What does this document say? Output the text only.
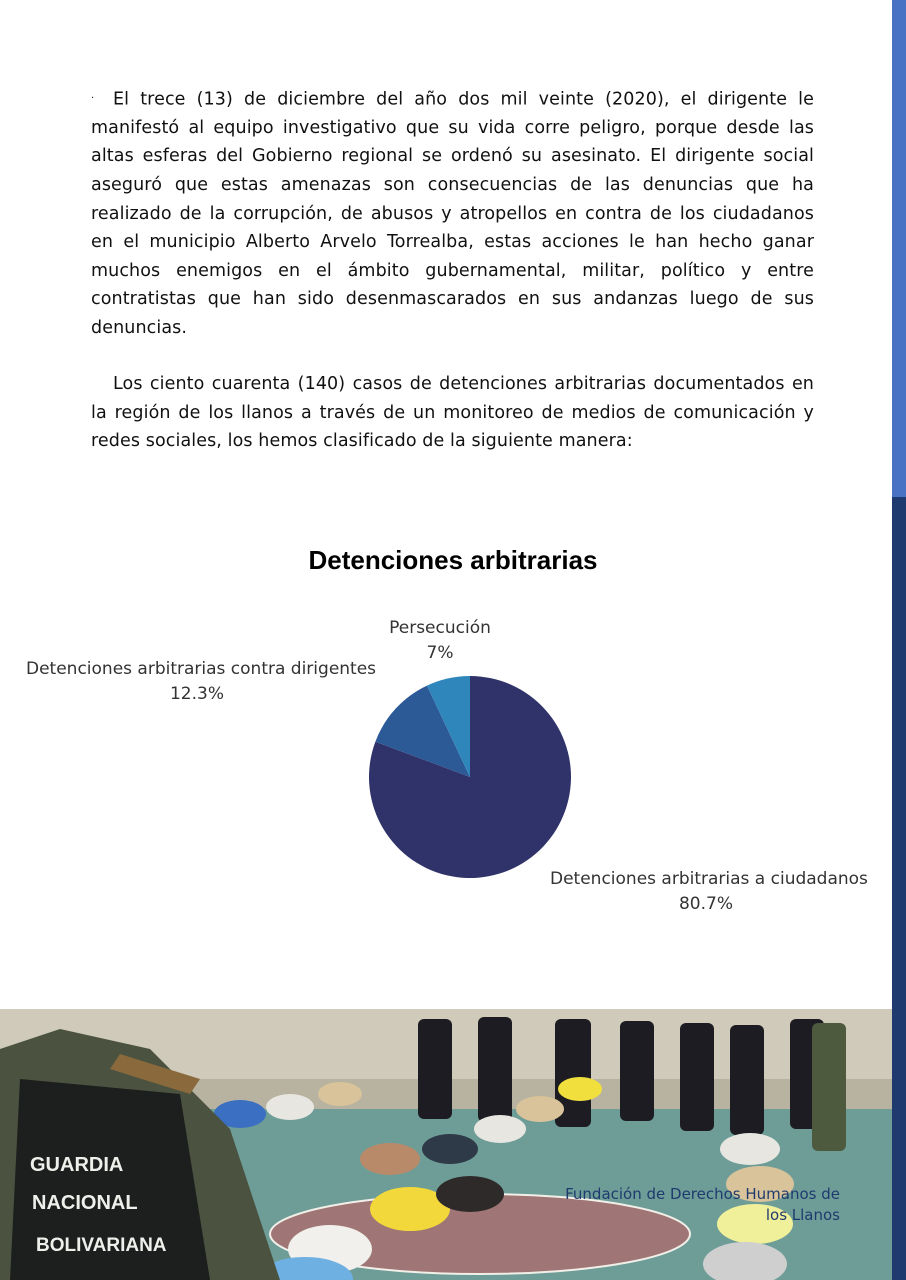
· El trece (13) de diciembre del año dos mil veinte (2020), el dirigente le manifestó al equipo investigativo que su vida corre peligro, porque desde las altas esferas del Gobierno regional se ordenó su asesinato. El dirigente social aseguró que estas amenazas son consecuencias de las denuncias que ha realizado de la corrupción, de abusos y atropellos en contra de los ciudadanos en el municipio Alberto Arvelo Torrealba, estas acciones le han hecho ganar muchos enemigos en el ámbito gubernamental, militar, político y entre contratistas que han sido desenmascarados en sus andanzas luego de sus denuncias.
Los ciento cuarenta (140) casos de detenciones arbitrarias documentados en la región de los llanos a través de un monitoreo de medios de comunicación y redes sociales, los hemos clasificado de la siguiente manera:
Detenciones arbitrarias
Detenciones arbitrarias a ciudadanos
80.7%
Detenciones arbitrarias contra dirigentes
12.3%
Persecución
7%
GUARDIA
NACIONAL
BOLIVARIANA
Fundación de Derechos Humanos de los Llanos
